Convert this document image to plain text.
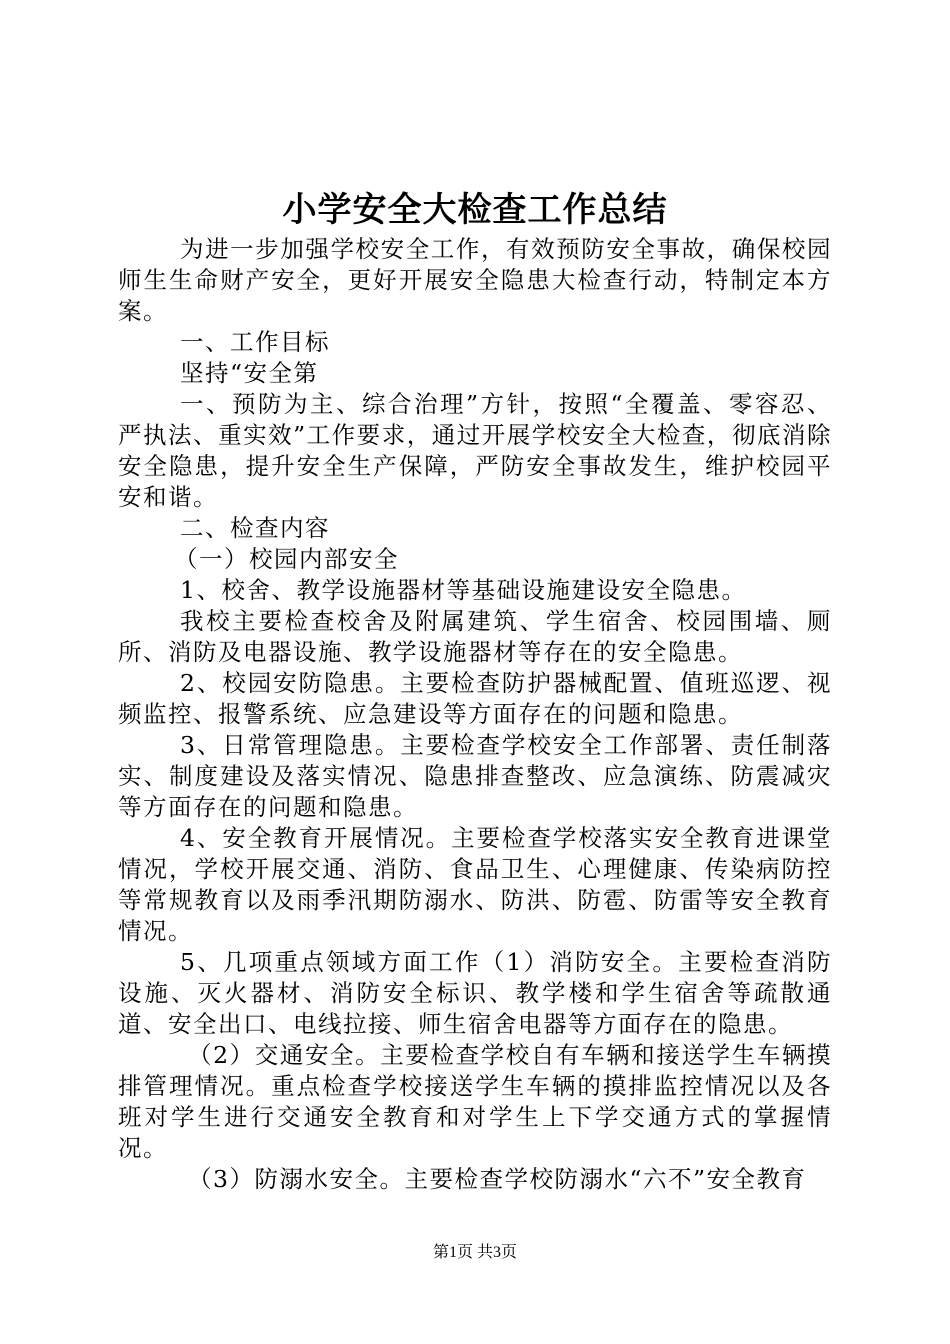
小学安全大检查工作总结

为进一步加强学校安全工作，有效预防安全事故，确保校园师生生命财产安全，更好开展安全隐患大检查行动，特制定本方案。

一、工作目标

坚持“安全第

一、预防为主、综合治理”方针，按照“全覆盖、零容忍、严执法、重实效”工作要求，通过开展学校安全大检查，彻底消除安全隐患，提升安全生产保障，严防安全事故发生，维护校园平安和谐。

二、检查内容

（一）校园内部安全

1、校舍、教学设施器材等基础设施建设安全隐患。

我校主要检查校舍及附属建筑、学生宿舍、校园围墙、厕所、消防及电器设施、教学设施器材等存在的安全隐患。

2、校园安防隐患。主要检查防护器械配置、值班巡逻、视频监控、报警系统、应急建设等方面存在的问题和隐患。

3、日常管理隐患。主要检查学校安全工作部署、责任制落实、制度建设及落实情况、隐患排查整改、应急演练、防震减灾等方面存在的问题和隐患。

4、安全教育开展情况。主要检查学校落实安全教育进课堂情况，学校开展交通、消防、食品卫生、心理健康、传染病防控等常规教育以及雨季汛期防溺水、防洪、防雹、防雷等安全教育情况。

5、几项重点领域方面工作（1）消防安全。主要检查消防设施、灭火器材、消防安全标识、教学楼和学生宿舍等疏散通道、安全出口、电线拉接、师生宿舍电器等方面存在的隐患。

（2）交通安全。主要检查学校自有车辆和接送学生车辆摸排管理情况。重点检查学校接送学生车辆的摸排监控情况以及各班对学生进行交通安全教育和对学生上下学交通方式的掌握情况。

（3）防溺水安全。主要检查学校防溺水“六不”安全教育

第1页 共3页
